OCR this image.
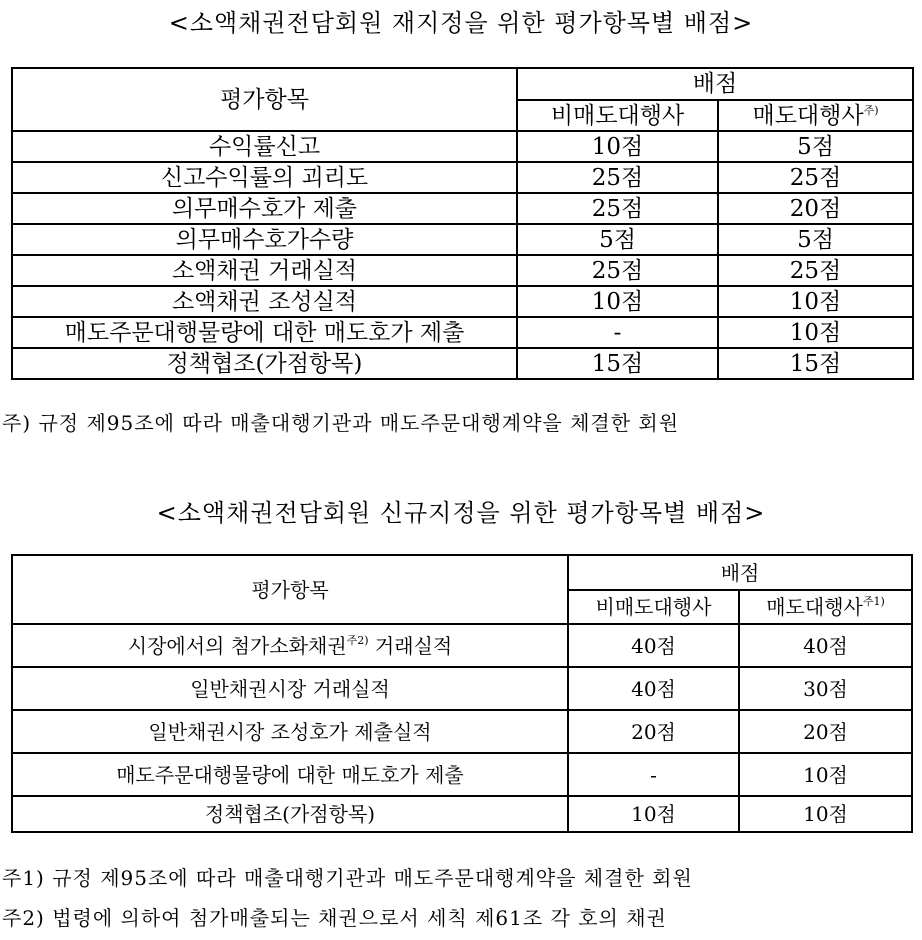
<소액채권전담회원 재지정을 위한 평가항목별 배점>
평가항목	배점	
	비매도대행사	매도대행사$^{주)}$
수익률신고	10점	5점
신고수익률의 괴리도	25점	25점
의무매수호가 제출	25점	20점
의무매수호가수량	5점	5점
소액채권 거래실적	25점	25점
소액채권 조성실적	10점	10점
매도주문대행물량에 대한 매도호가 제출	-	10점
정책협조(가점항목)	15점	15점
주) 규정 제95조에 따라 매출대행기관과 매도주문대행계약을 체결한 회원
<소액채권전담회원 신규지정을 위한 평가항목별 배점>
평가항목	배점	
	비매도대행사	매도대행사$^{주1)}$
시장에서의 첨가소화채권$^{주2)}$ 거래실적	40점	40점
일반채권시장 거래실적	40점	30점
일반채권시장 조성호가 제출실적	20점	20점
매도주문대행물량에 대한 매도호가 제출	-	10점
정책협조(가점항목)	10점	10점
주1) 규정 제95조에 따라 매출대행기관과 매도주문대행계약을 체결한 회원
주2) 법령에 의하여 첨가매출되는 채권으로서 세칙 제61조 각 호의 채권
